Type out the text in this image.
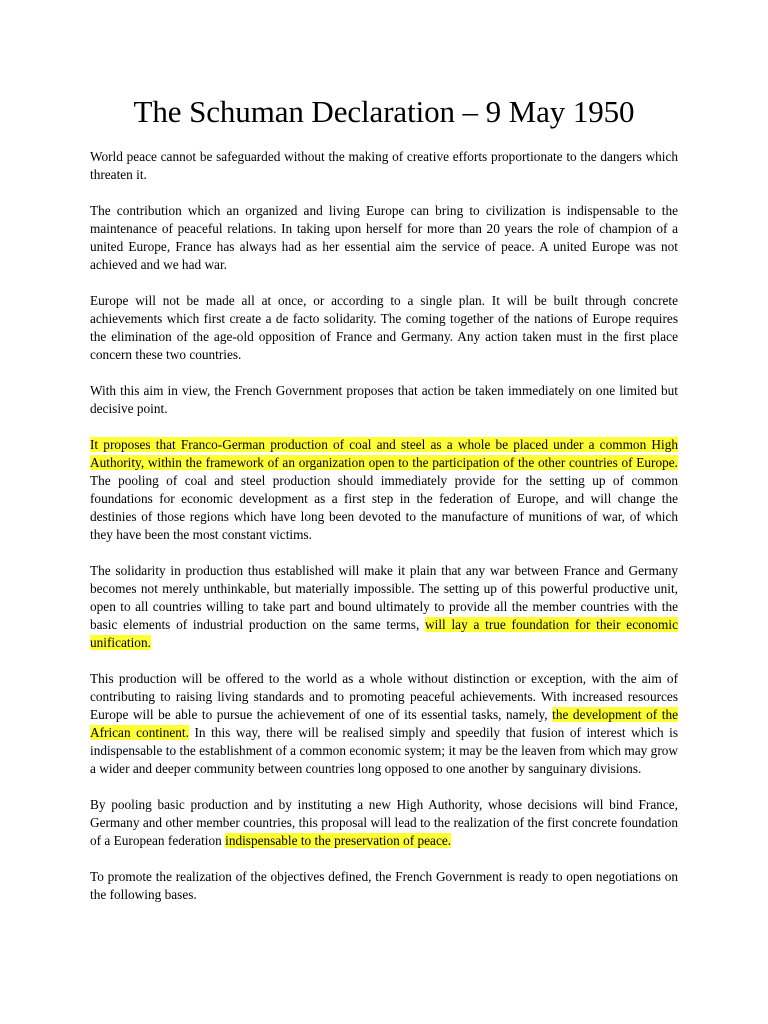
The Schuman Declaration – 9 May 1950

World peace cannot be safeguarded without the making of creative efforts proportionate to the dangers which threaten it.

The contribution which an organized and living Europe can bring to civilization is indispensable to the maintenance of peaceful relations. In taking upon herself for more than 20 years the role of champion of a united Europe, France has always had as her essential aim the service of peace. A united Europe was not achieved and we had war.

Europe will not be made all at once, or according to a single plan. It will be built through concrete achievements which first create a de facto solidarity. The coming together of the nations of Europe requires the elimination of the age-old opposition of France and Germany. Any action taken must in the first place concern these two countries.

With this aim in view, the French Government proposes that action be taken immediately on one limited but decisive point.

It proposes that Franco-German production of coal and steel as a whole be placed under a common High Authority, within the framework of an organization open to the participation of the other countries of Europe. The pooling of coal and steel production should immediately provide for the setting up of common foundations for economic development as a first step in the federation of Europe, and will change the destinies of those regions which have long been devoted to the manufacture of munitions of war, of which they have been the most constant victims.

The solidarity in production thus established will make it plain that any war between France and Germany becomes not merely unthinkable, but materially impossible. The setting up of this powerful productive unit, open to all countries willing to take part and bound ultimately to provide all the member countries with the basic elements of industrial production on the same terms, will lay a true foundation for their economic unification.

This production will be offered to the world as a whole without distinction or exception, with the aim of contributing to raising living standards and to promoting peaceful achievements. With increased resources Europe will be able to pursue the achievement of one of its essential tasks, namely, the development of the African continent. In this way, there will be realised simply and speedily that fusion of interest which is indispensable to the establishment of a common economic system; it may be the leaven from which may grow a wider and deeper community between countries long opposed to one another by sanguinary divisions.

By pooling basic production and by instituting a new High Authority, whose decisions will bind France, Germany and other member countries, this proposal will lead to the realization of the first concrete foundation of a European federation indispensable to the preservation of peace.

To promote the realization of the objectives defined, the French Government is ready to open negotiations on the following bases.
